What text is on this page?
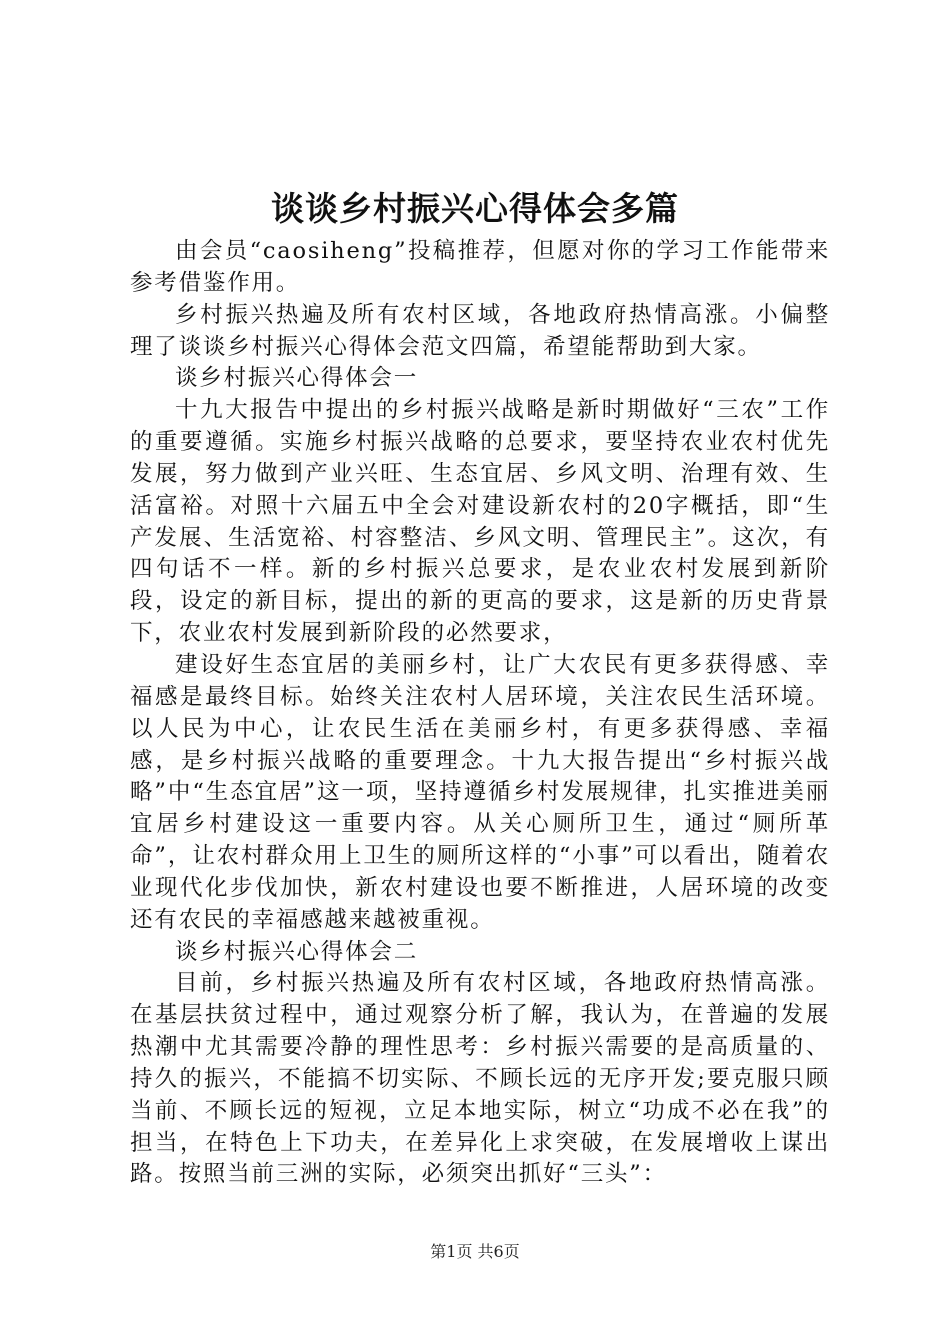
谈谈乡村振兴心得体会多篇

由会员“caosiheng”投稿推荐，但愿对你的学习工作能带来参考借鉴作用。

乡村振兴热遍及所有农村区域，各地政府热情高涨。小偏整理了谈谈乡村振兴心得体会范文四篇，希望能帮助到大家。

谈乡村振兴心得体会一

十九大报告中提出的乡村振兴战略是新时期做好“三农”工作的重要遵循。实施乡村振兴战略的总要求，要坚持农业农村优先发展，努力做到产业兴旺、生态宜居、乡风文明、治理有效、生活富裕。对照十六届五中全会对建设新农村的20字概括，即“生产发展、生活宽裕、村容整洁、乡风文明、管理民主”。这次，有四句话不一样。新的乡村振兴总要求，是农业农村发展到新阶段，设定的新目标，提出的新的更高的要求，这是新的历史背景下，农业农村发展到新阶段的必然要求，

建设好生态宜居的美丽乡村，让广大农民有更多获得感、幸福感是最终目标。始终关注农村人居环境，关注农民生活环境。以人民为中心，让农民生活在美丽乡村，有更多获得感、幸福感，是乡村振兴战略的重要理念。十九大报告提出“乡村振兴战略”中“生态宜居”这一项，坚持遵循乡村发展规律，扎实推进美丽宜居乡村建设这一重要内容。从关心厕所卫生，通过“厕所革命”，让农村群众用上卫生的厕所这样的“小事”可以看出，随着农业现代化步伐加快，新农村建设也要不断推进，人居环境的改变还有农民的幸福感越来越被重视。

谈乡村振兴心得体会二

目前，乡村振兴热遍及所有农村区域，各地政府热情高涨。在基层扶贫过程中，通过观察分析了解，我认为，在普遍的发展热潮中尤其需要冷静的理性思考：乡村振兴需要的是高质量的、持久的振兴，不能搞不切实际、不顾长远的无序开发;要克服只顾当前、不顾长远的短视，立足本地实际，树立“功成不必在我”的担当，在特色上下功夫，在差异化上求突破，在发展增收上谋出路。按照当前三洲的实际，必须突出抓好“三头”：

第1页 共6页
